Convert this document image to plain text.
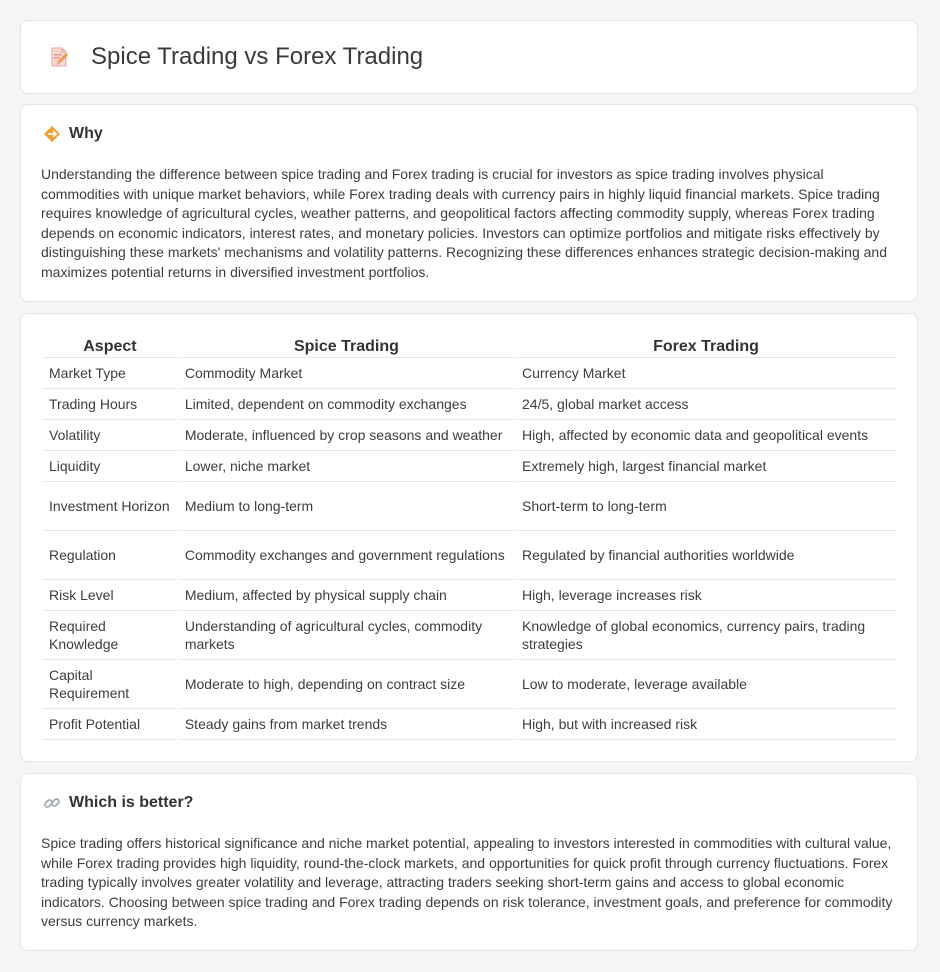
Spice Trading vs Forex Trading
Why

Understanding the difference between spice trading and Forex trading is crucial for investors as spice trading involves physical commodities with unique market behaviors, while Forex trading deals with currency pairs in highly liquid financial markets. Spice trading requires knowledge of agricultural cycles, weather patterns, and geopolitical factors affecting commodity supply, whereas Forex trading depends on economic indicators, interest rates, and monetary policies. Investors can optimize portfolios and mitigate risks effectively by distinguishing these markets' mechanisms and volatility patterns. Recognizing these differences enhances strategic decision-making and maximizes potential returns in diversified investment portfolios.

Aspect	Spice Trading	Forex Trading
Market Type	Commodity Market	Currency Market
Trading Hours	Limited, dependent on commodity exchanges	24/5, global market access
Volatility	Moderate, influenced by crop seasons and weather	High, affected by economic data and geopolitical events
Liquidity	Lower, niche market	Extremely high, largest financial market
Investment Horizon	Medium to long-term	Short-term to long-term
Regulation	Commodity exchanges and government regulations	Regulated by financial authorities worldwide
Risk Level	Medium, affected by physical supply chain	High, leverage increases risk
Required Knowledge	Understanding of agricultural cycles, commodity markets	Knowledge of global economics, currency pairs, trading strategies
Capital Requirement	Moderate to high, depending on contract size	Low to moderate, leverage available
Profit Potential	Steady gains from market trends	High, but with increased risk
Which is better?

Spice trading offers historical significance and niche market potential, appealing to investors interested in commodities with cultural value, while Forex trading provides high liquidity, round-the-clock markets, and opportunities for quick profit through currency fluctuations. Forex trading typically involves greater volatility and leverage, attracting traders seeking short-term gains and access to global economic indicators. Choosing between spice trading and Forex trading depends on risk tolerance, investment goals, and preference for commodity versus currency markets.
